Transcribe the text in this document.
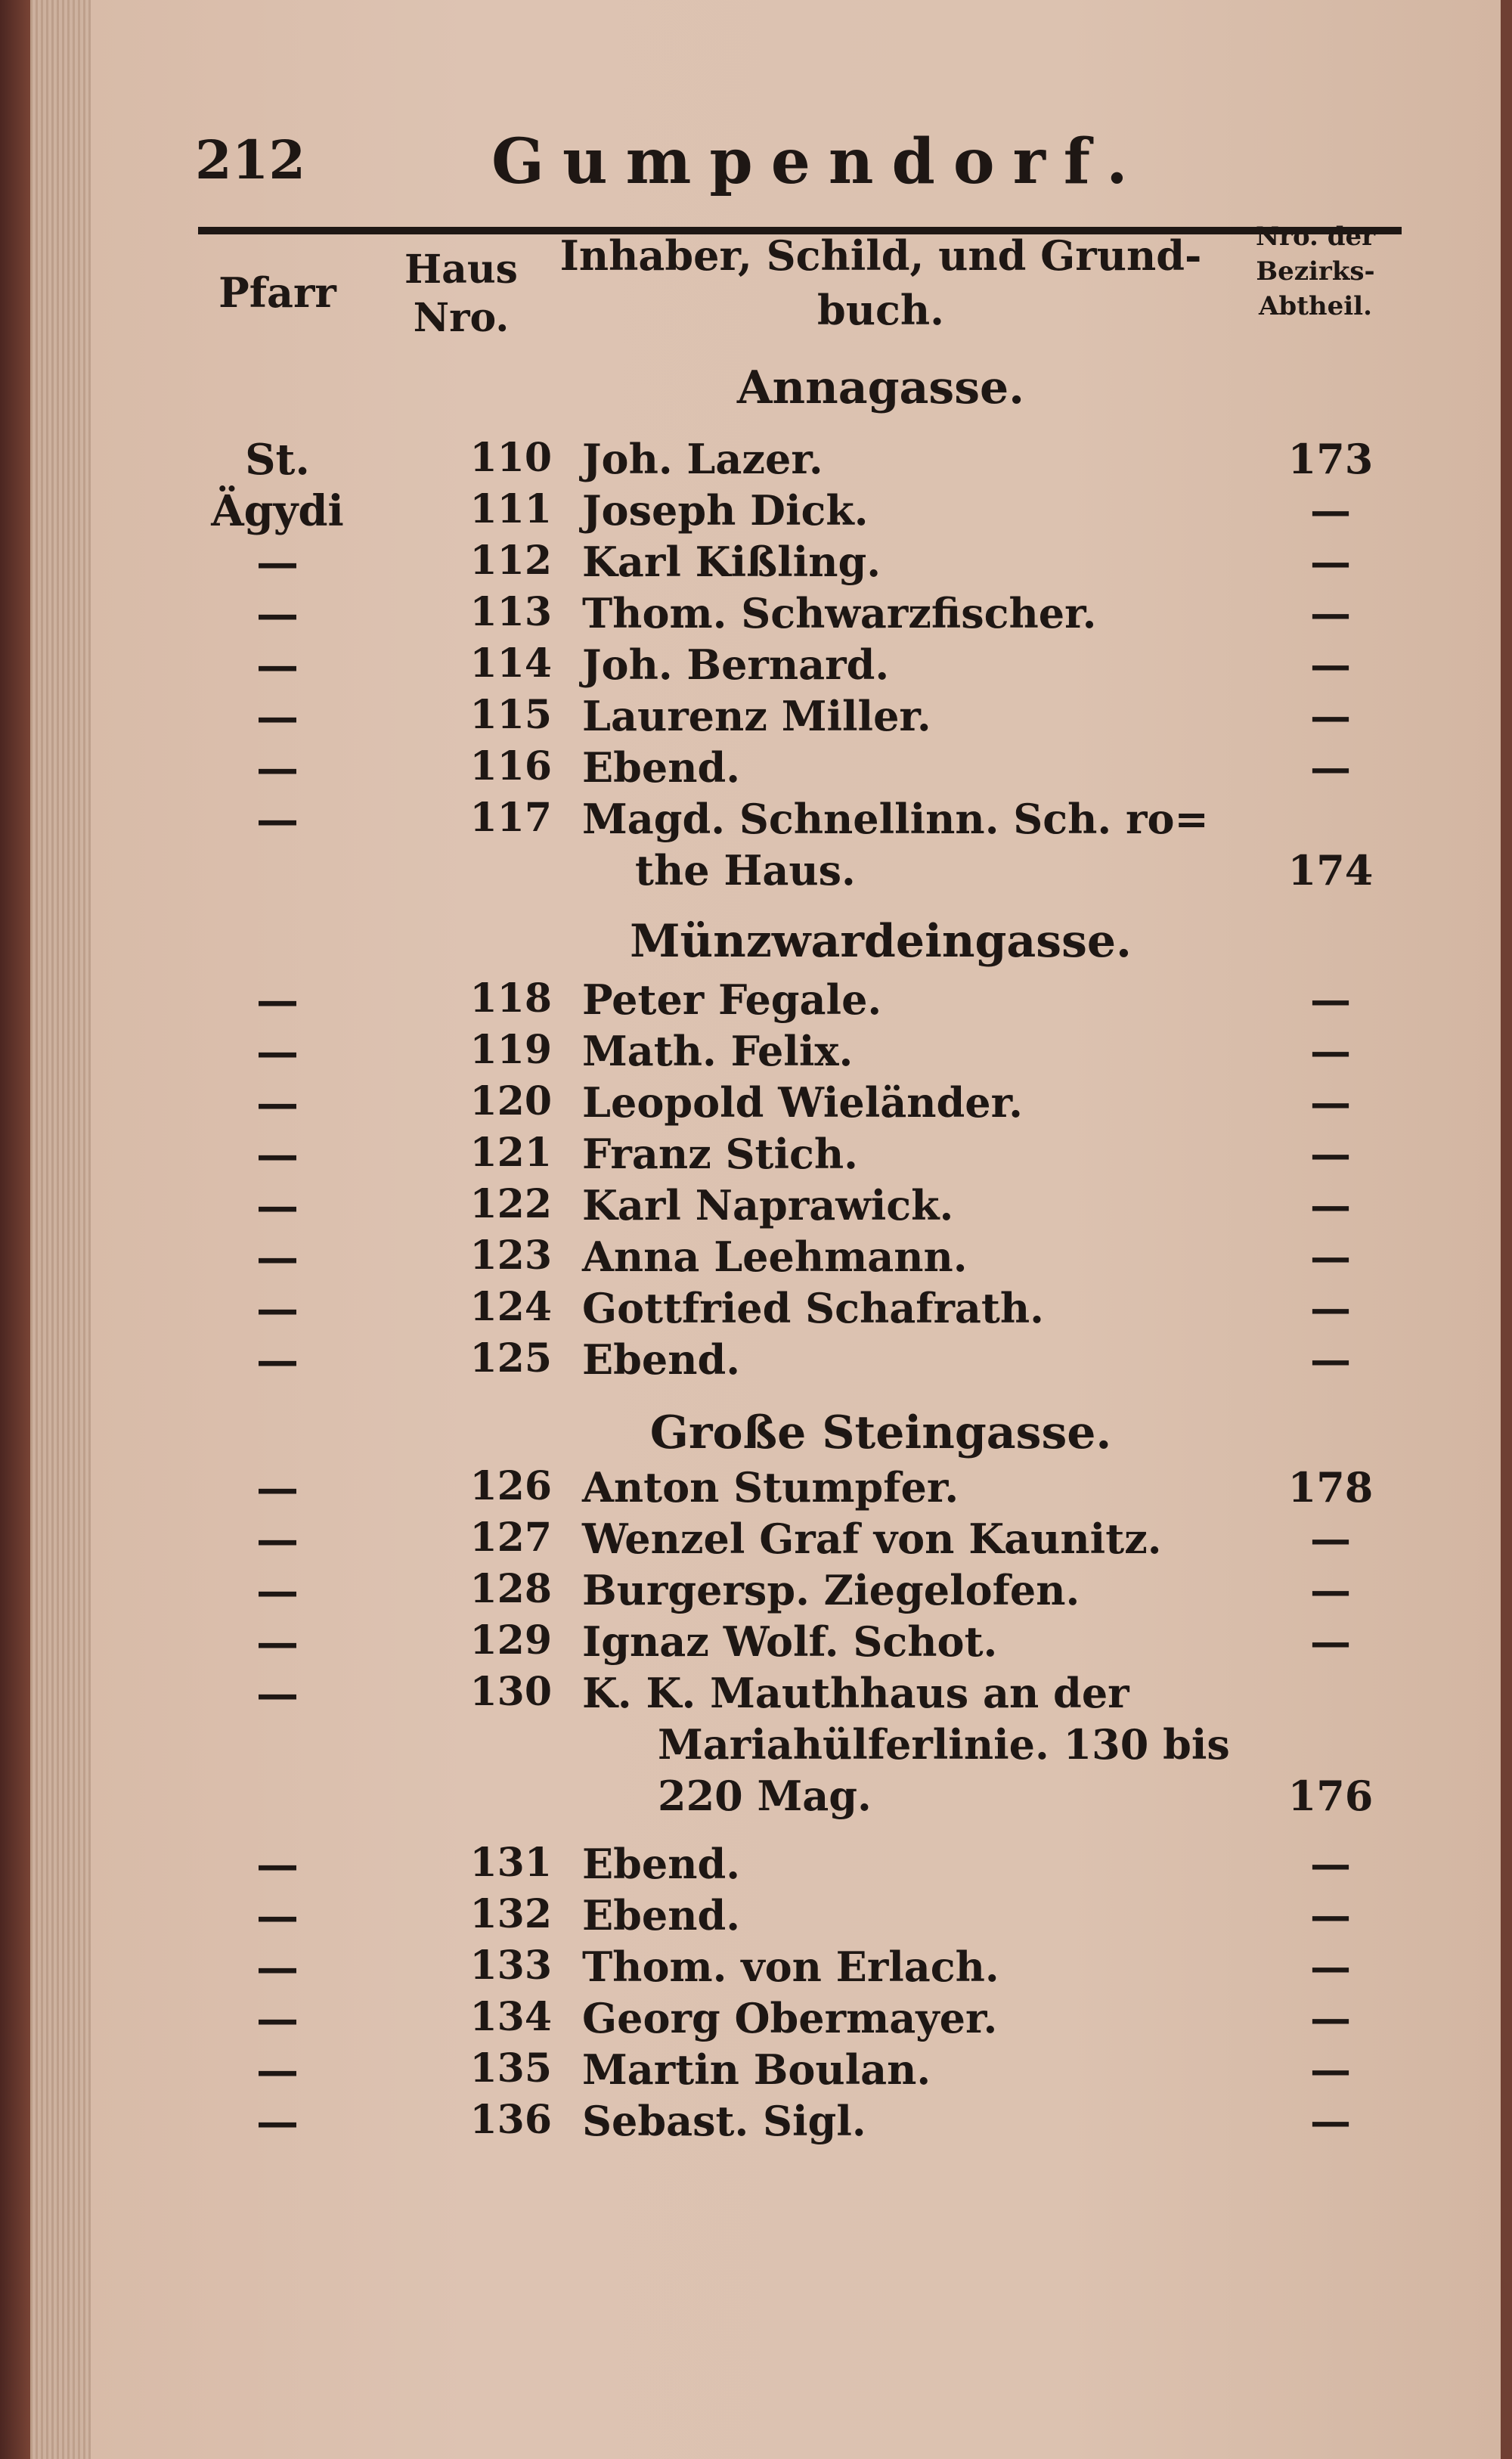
212	Gumpendorf.
Pfarr	Haus Nro.
Inhaber, Schild, und Grund- buch.
Nro. der Bezirks- Abtheil.
Annagasse.
Münzwardeingasse.
Große Steingasse.
St.	110 Joh. Lazer.	173
Ägydi	111 Joseph Dick.	—
—	112 Karl Kißling.	—
—	113 Thom. Schwarzfischer.	—
—	114 Joh. Bernard.	—
—	115 Laurenz Miller.	—
—	116 Ebend.	—
—	117 Magd. Schnellinn. Sch. ro=
the Haus.	174
—	118 Peter Fegale.	—
—	119 Math. Felix.	—
—	120 Leopold Wieländer.	—
—	121 Franz Stich.	—
—	122 Karl Naprawick.	—
—	123 Anna Leehmann.	—
—	124 Gottfried Schafrath.	—
—	125 Ebend.	—
—	126 Anton Stumpfer.	178
—	127 Wenzel Graf von Kaunitz.	—
—	128 Burgersp. Ziegelofen.	—
—	129 Ignaz Wolf. Schot.	—
—	130 K. K. Mauthhaus an der
Mariahülferlinie. 130 bis
220 Mag.	176
—	131 Ebend.	—
—	132 Ebend.	—
—	133 Thom. von Erlach.	—
—	134 Georg Obermayer.	—
—	135 Martin Boulan.	—
—	136 Sebast. Sigl.	—
